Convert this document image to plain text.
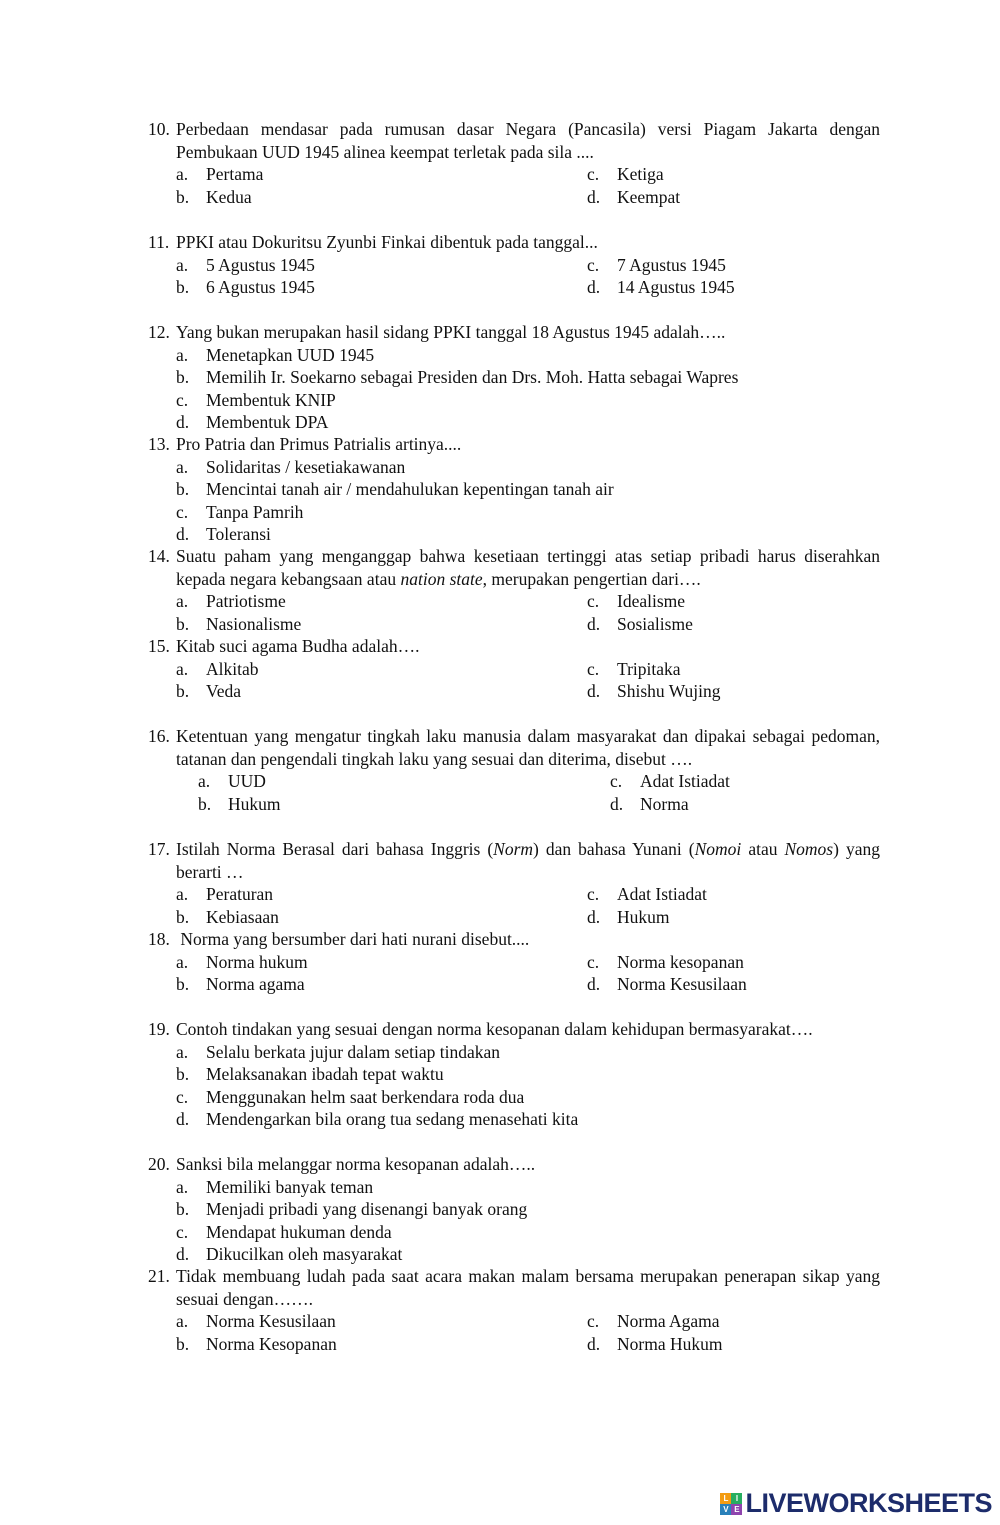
10. Perbedaan mendasar pada rumusan dasar Negara (Pancasila) versi Piagam Jakarta dengan Pembukaan UUD 1945 alinea keempat terletak pada sila ....
a.	Pertama	c.	Ketiga
b. Kedua	d. Keempat
11. PPKI atau Dokuritsu Zyunbi Finkai dibentuk pada tanggal...
a.	5 Agustus 1945	c.	7 Agustus 1945
b. 6 Agustus 1945	d. 14 Agustus 1945
12. Yang bukan merupakan hasil sidang PPKI tanggal 18 Agustus 1945 adalah…..
a.	Menetapkan UUD 1945
b. Memilih Ir. Soekarno sebagai Presiden dan Drs. Moh. Hatta sebagai Wapres
c.	Membentuk KNIP
d. Membentuk DPA
13. Pro Patria dan Primus Patrialis artinya....
a.	Solidaritas / kesetiakawanan
b. Mencintai tanah air / mendahulukan kepentingan tanah air
c.	Tanpa Pamrih
d. Toleransi
14. Suatu paham yang menganggap bahwa kesetiaan tertinggi atas setiap pribadi harus diserahkan kepada negara kebangsaan atau nation state, merupakan pengertian dari….
a.	Patriotisme	c.	Idealisme
b. Nasionalisme	d. Sosialisme
15. Kitab suci agama Budha adalah….
a.	Alkitab	c.	Tripitaka
b. Veda	d. Shishu Wujing
16. Ketentuan yang mengatur tingkah laku manusia dalam masyarakat dan dipakai sebagai pedoman, tatanan dan pengendali tingkah laku yang sesuai dan diterima, disebut ….
a.	UUD	c.	Adat Istiadat
b. Hukum	d. Norma
17. Istilah Norma Berasal dari bahasa Inggris (Norm) dan bahasa Yunani (Nomoi atau Nomos) yang berarti …
a.	Peraturan	c.	Adat Istiadat
b. Kebiasaan	d. Hukum
18. Norma yang bersumber dari hati nurani disebut....
a.	Norma hukum	c.	Norma kesopanan
b. Norma agama	d. Norma Kesusilaan
19. Contoh tindakan yang sesuai dengan norma kesopanan dalam kehidupan bermasyarakat….
a.	Selalu berkata jujur dalam setiap tindakan
b. Melaksanakan ibadah tepat waktu
c.	Menggunakan helm saat berkendara roda dua
d. Mendengarkan bila orang tua sedang menasehati kita
20. Sanksi bila melanggar norma kesopanan adalah…..
a.	Memiliki banyak teman
b. Menjadi pribadi yang disenangi banyak orang
c.	Mendapat hukuman denda
d. Dikucilkan oleh masyarakat
21. Tidak membuang ludah pada saat acara makan malam bersama merupakan penerapan sikap yang sesuai dengan…….
a.	Norma Kesusilaan	c.	Norma Agama
b. Norma Kesopanan	d. Norma Hukum
L I
V E LIVEWORKSHEETS
